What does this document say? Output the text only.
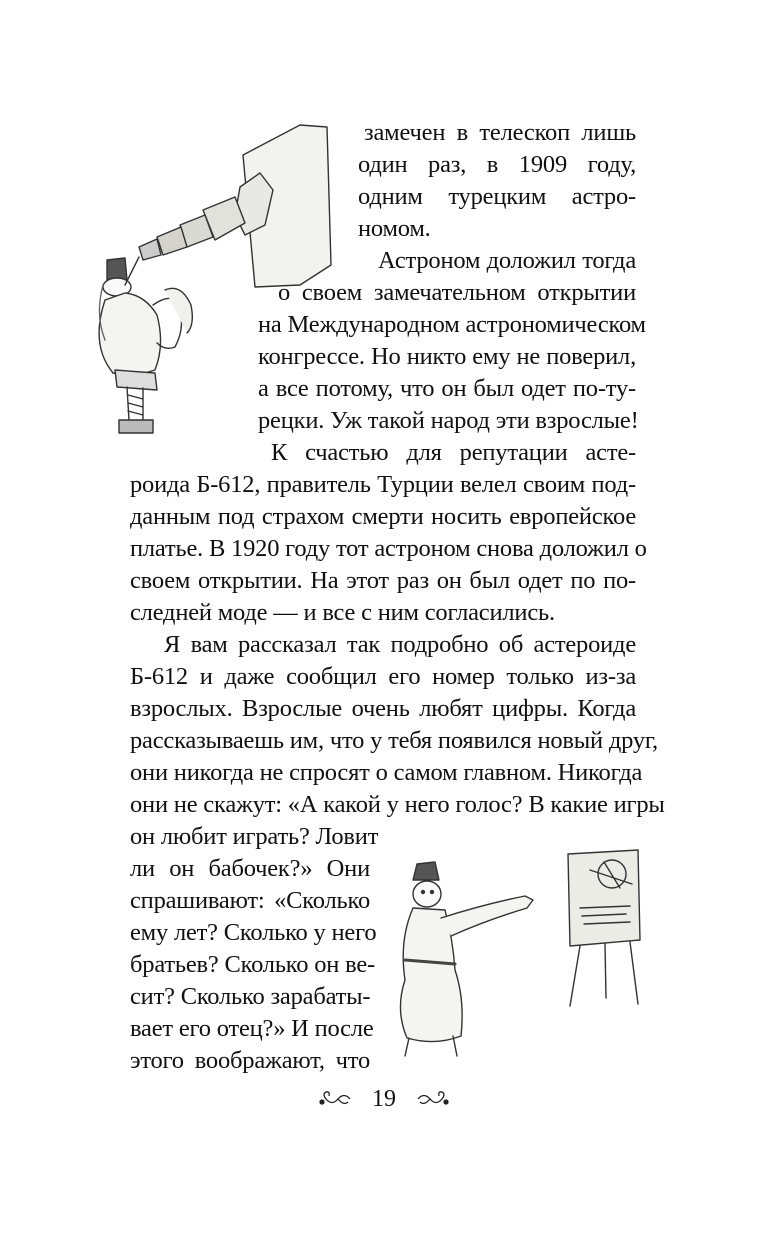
замечен в телескоп лишь
один раз, в 1909 году,
одним турецким астро-
номом.
Астроном доложил тогда
о своем замечательном открытии
на Международном астрономическом
конгрессе. Но никто ему не поверил,
а все потому, что он был одет по-ту-
рецки. Уж такой народ эти взрослые!
К счастью для репутации асте-
роида Б-612, правитель Турции велел своим под-
данным под страхом смерти носить европейское
платье. В 1920 году тот астроном снова доложил о
своем открытии. На этот раз он был одет по по-
следней моде — и все с ним согласились.
Я вам рассказал так подробно об астероиде
Б-612 и даже сообщил его номер только из-за
взрослых. Взрослые очень любят цифры. Когда
рассказываешь им, что у тебя появился новый друг,
они никогда не спросят о самом главном. Никогда
они не скажут: «А какой у него голос? В какие игры
он любит играть? Ловит
ли он бабочек?» Они
спрашивают: «Сколько
ему лет? Сколько у него
братьев? Сколько он ве-
сит? Сколько зарабаты-
вает его отец?» И после
этого воображают, что
19
